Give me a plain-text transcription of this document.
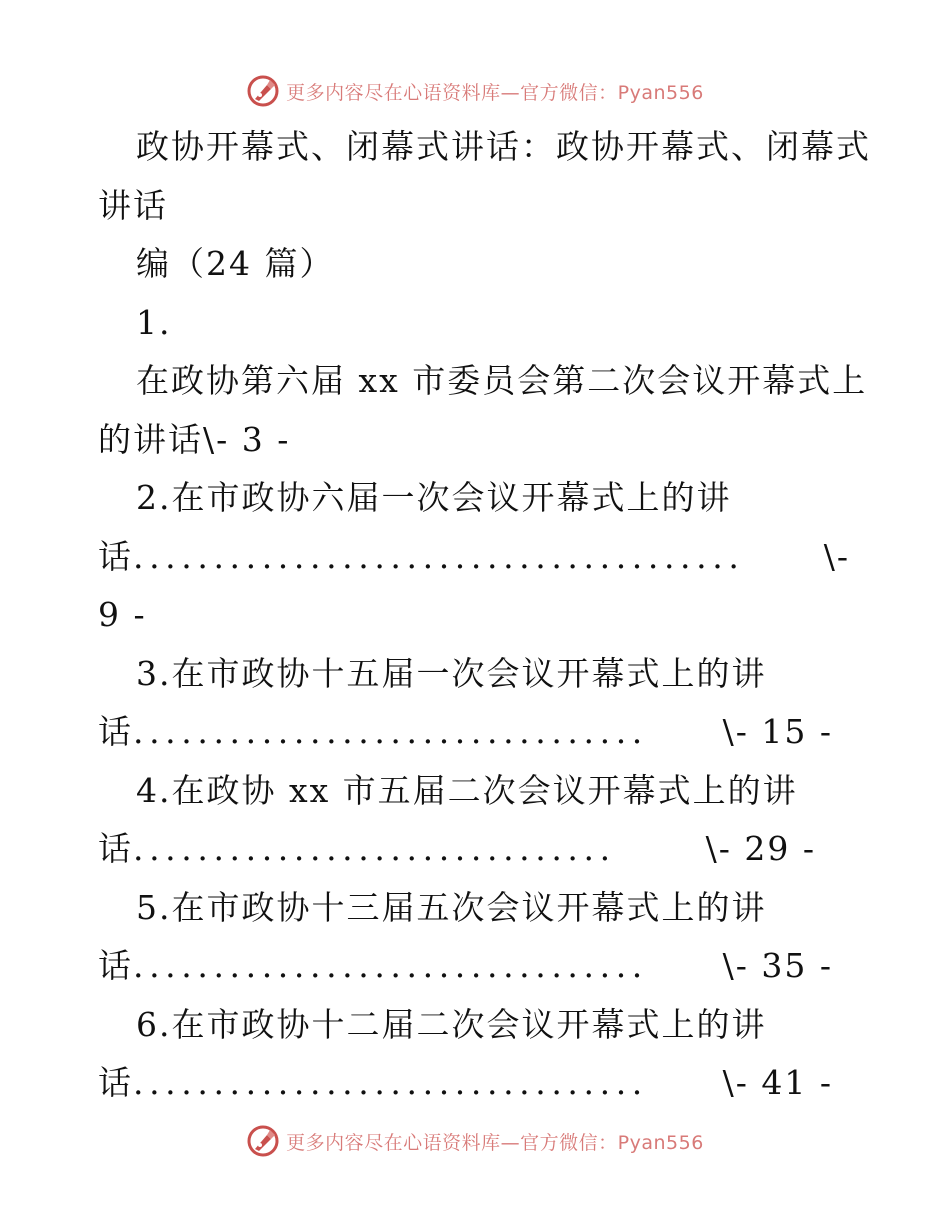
更多内容尽在心语资料库—官方微信：Pyan556
政协开幕式、闭幕式讲话：政协开幕式、闭幕式
讲话
编（24 篇）
1.
在政协第六届 xx 市委员会第二次会议开幕式上
的讲话\- 3 -
2.在市政协六届一次会议开幕式上的讲
话 ......................................	\-
9 -
3.在市政协十五届一次会议开幕式上的讲
话 ................................	\- 15 -
4.在政协 xx 市五届二次会议开幕式上的讲
话 ..............................	\- 29 -
5.在市政协十三届五次会议开幕式上的讲
话 ................................	\- 35 -
6.在市政协十二届二次会议开幕式上的讲
话 ................................	\- 41 -
更多内容尽在心语资料库—官方微信：Pyan556
